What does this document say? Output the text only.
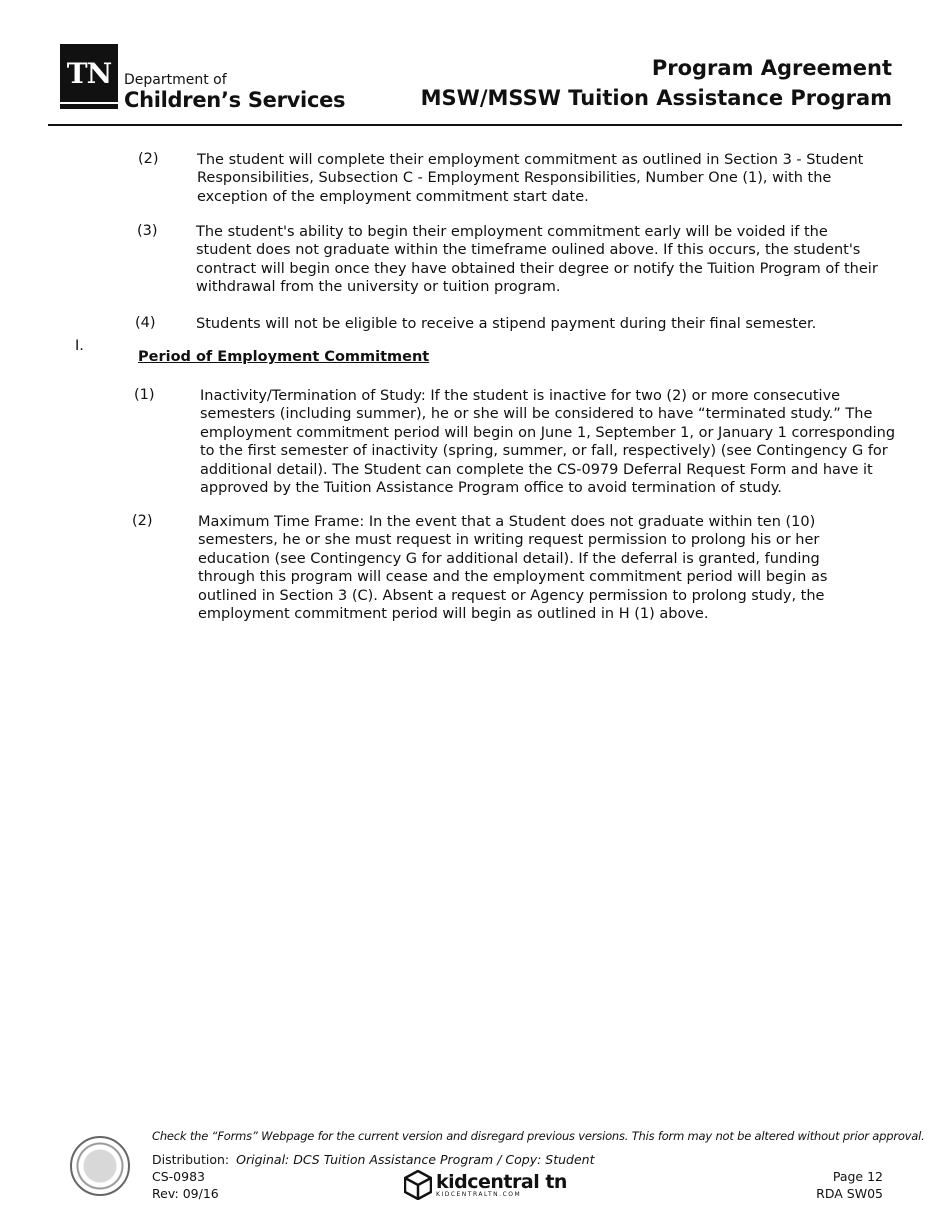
TN Department of
Children’s Services
Program Agreement
MSW/MSSW Tuition Assistance Program
(2)	The student will complete their employment commitment as outlined in Section 3 - Student Responsibilities, Subsection C - Employment Responsibilities, Number One (1), with the exception of the employment commitment start date.
(3)	The student's ability to begin their employment commitment early will be voided if the student does not graduate within the timeframe oulined above. If this occurs, the student's contract will begin once they have obtained their degree or notify the Tuition Program of their withdrawal from the university or tuition program.
(4)	Students will not be eligible to receive a stipend payment during their final semester.
I.
Period of Employment Commitment
(1)	Inactivity/Termination of Study: If the student is inactive for two (2) or more consecutive semesters (including summer), he or she will be considered to have “terminated study.” The employment commitment period will begin on June 1, September 1, or January 1 corresponding to the first semester of inactivity (spring, summer, or fall, respectively) (see Contingency G for additional detail). The Student can complete the CS-0979 Deferral Request Form and have it approved by the Tuition Assistance Program office to avoid termination of study.
(2)	Maximum Time Frame: In the event that a Student does not graduate within ten (10) semesters, he or she must request in writing request permission to prolong his or her education (see Contingency G for additional detail). If the deferral is granted, funding through this program will cease and the employment commitment period will begin as outlined in Section 3 (C). Absent a request or Agency permission to prolong study, the employment commitment period will begin as outlined in H (1) above.
Check the “Forms” Webpage for the current version and disregard previous versions. This form may not be altered without prior approval.
Distribution: Original: DCS Tuition Assistance Program / Copy: Student
CS-0983
Rev: 09/16
kidcentral tn
KIDCENTRALTN.COM
Page 12
RDA SW05
